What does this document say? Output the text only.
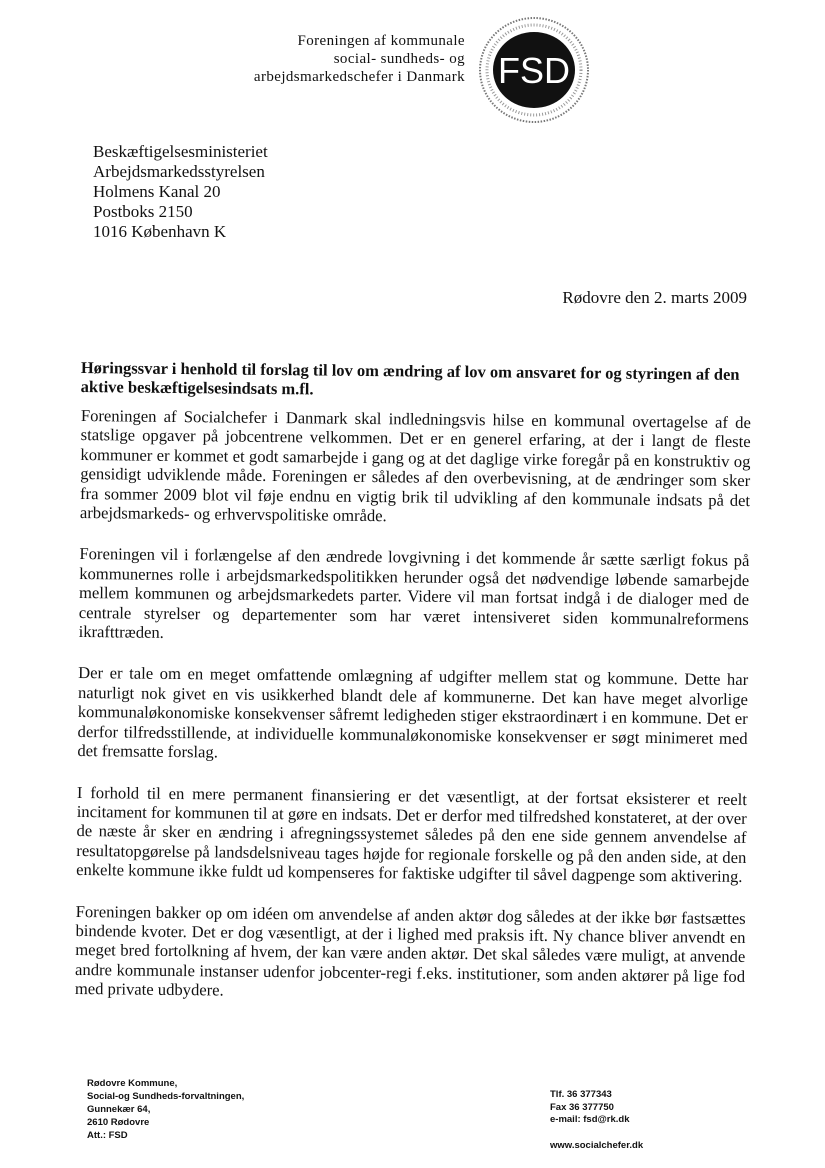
Foreningen af kommunale
social- sundheds- og
arbejdsmarkedschefer i Danmark FSD
Beskæftigelsesministeriet
Arbejdsmarkedsstyrelsen
Holmens Kanal 20
Postboks 2150
1016 København K
Rødovre den 2. marts 2009
Høringssvar i henhold til forslag til lov om ændring af lov om ansvaret for og styringen af den aktive beskæftigelsesindsats m.fl.

Foreningen af Socialchefer i Danmark skal indledningsvis hilse en kommunal overtagelse af de statslige opgaver på jobcentrene velkommen. Det er en generel erfaring, at der i langt de fleste kommuner er kommet et godt samarbejde i gang og at det daglige virke foregår på en konstruktiv og gensidigt udviklende måde. Foreningen er således af den overbevisning, at de ændringer som sker fra sommer 2009 blot vil føje endnu en vigtig brik til udvikling af den kommunale indsats på det arbejdsmarkeds- og erhvervspolitiske område.

Foreningen vil i forlængelse af den ændrede lovgivning i det kommende år sætte særligt fokus på kommunernes rolle i arbejdsmarkedspolitikken herunder også det nødvendige løbende samarbejde mellem kommunen og arbejdsmarkedets parter. Videre vil man fortsat indgå i de dialoger med de centrale styrelser og departementer som har været intensiveret siden kommunalreformens ikrafttræden.

Der er tale om en meget omfattende omlægning af udgifter mellem stat og kommune. Dette har naturligt nok givet en vis usikkerhed blandt dele af kommunerne. Det kan have meget alvorlige kommunaløkonomiske konsekvenser såfremt ledigheden stiger ekstraordinært i en kommune. Det er derfor tilfredsstillende, at individuelle kommunaløkonomiske konsekvenser er søgt minimeret med det fremsatte forslag.

I forhold til en mere permanent finansiering er det væsentligt, at der fortsat eksisterer et reelt incitament for kommunen til at gøre en indsats. Det er derfor med tilfredshed konstateret, at der over de næste år sker en ændring i afregningssystemet således på den ene side gennem anvendelse af resultatopgørelse på landsdelsniveau tages højde for regionale forskelle og på den anden side, at den enkelte kommune ikke fuldt ud kompenseres for faktiske udgifter til såvel dagpenge som aktivering.

Foreningen bakker op om idéen om anvendelse af anden aktør dog således at der ikke bør fastsættes bindende kvoter. Det er dog væsentligt, at der i lighed med praksis ift. Ny chance bliver anvendt en meget bred fortolkning af hvem, der kan være anden aktør. Det skal således være muligt, at anvende andre kommunale instanser udenfor jobcenter-regi f.eks. institutioner, som anden aktører på lige fod med private udbydere.

Rødovre Kommune,
Social-og Sundheds-forvaltningen,
Gunnekær 64,
2610 Rødovre
Att.: FSD
Tlf. 36 377343
Fax 36 377750
e-mail: fsd@rk.dk
www.socialchefer.dk
